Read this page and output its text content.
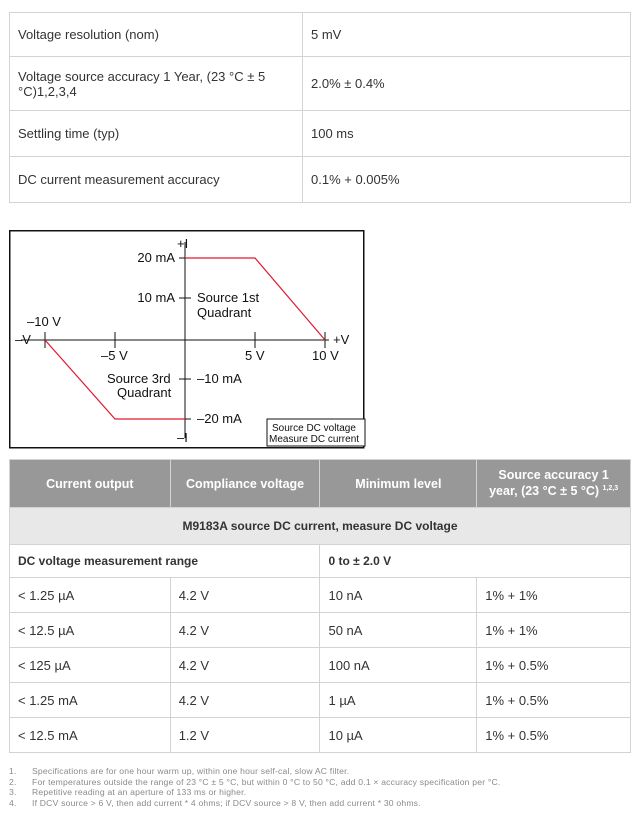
Voltage resolution (nom)	5 mV
Voltage source accuracy 1 Year, (23 °C ± 5 °C)1,2,3,4	2.0% ± 0.4%
Settling time (typ)	100 ms
DC current measurement accuracy	0.1% + 0.005%
+I
–I
+V
–V
20 mA
10 mA
–10 mA
–20 mA
–10 V
–5 V	5 V	10 V
Source 1st
Quadrant
Source 3rd
Quadrant
Source DC voltage
Measure DC current
Current output	Compliance voltage	Minimum level	Source accuracy 1 year, (23 °C ± 5 °C) $^{1,2,3}$
M9183A source DC current, measure DC voltage			
DC voltage measurement range		0 to ± 2.0 V	
< 1.25 µA	4.2 V	10 nA	1% + 1%
< 12.5 µA	4.2 V	50 nA	1% + 1%
< 125 µA	4.2 V	100 nA	1% + 0.5%
< 1.25 mA	4.2 V	1 µA	1% + 0.5%
< 12.5 mA	1.2 V	10 µA	1% + 0.5%
1. Specifications are for one hour warm up, within one hour self-cal, slow AC filter.
2. For temperatures outside the range of 23 °C ± 5 °C, but within 0 °C to 50 °C, add 0.1 × accuracy specification per °C.
3. Repetitive reading at an aperture of 133 ms or higher.
4. If DCV source > 6 V, then add current * 4 ohms; if DCV source > 8 V, then add current * 30 ohms.
